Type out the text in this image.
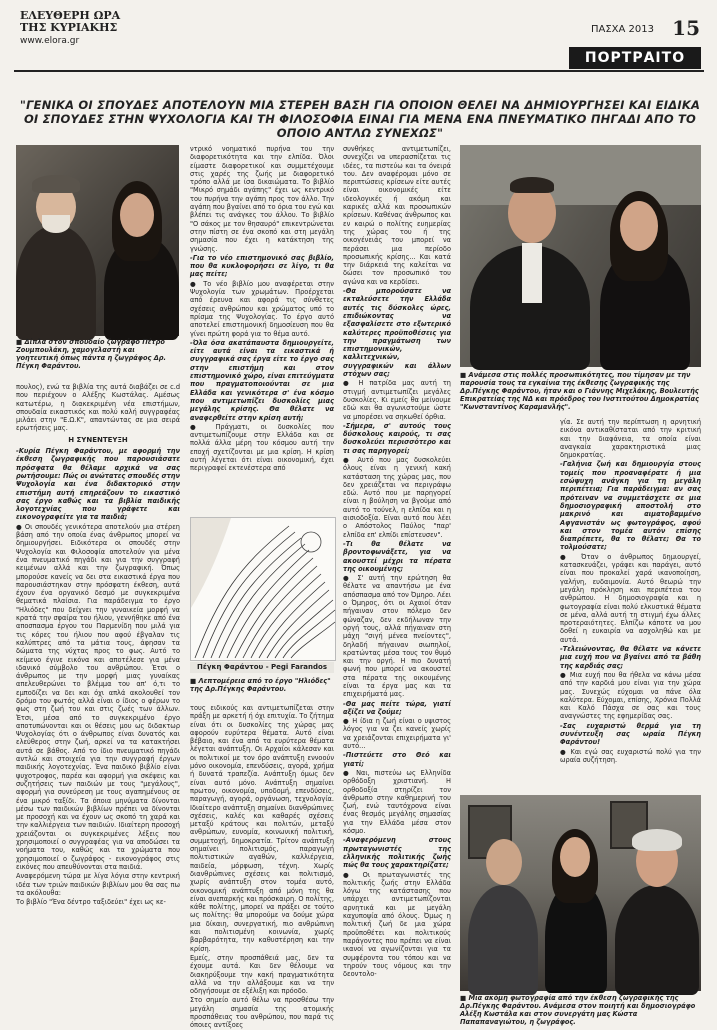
ΕΛΕΥΘΕΡΗ ΩΡΑ
ΤΗΣ ΚΥΡΙΑΚΗΣ
www.elora.gr
ΠΑΣΧΑ 2013 15
ΠΟΡΤΡΑΙΤΟ
"ΓΕΝΙΚΑ ΟΙ ΣΠΟΥΔΕΣ ΑΠΟΤΕΛΟΥΝ ΜΙΑ ΣΤΕΡΕΗ ΒΑΣΗ ΓΙΑ ΟΠΟΙΟΝ ΘΕΛΕΙ ΝΑ ΔΗΜΙΟΥΡΓΗΣΕΙ ΚΑΙ ΕΙΔΙΚΑ ΟΙ ΣΠΟΥΔΕΣ ΣΤΗΝ ΨΥΧΟΛΟΓΙΑ ΚΑΙ ΤΗ ΦΙΛΟΣΟΦΙΑ ΕΙΝΑΙ ΓΙΑ ΜΕΝΑ ΕΝΑ ΠΝΕΥΜΑΤΙΚΟ ΠΗΓΑΔΙ ΑΠΟ ΤΟ ΟΠΟΙΟ ΑΝΤΛΩ ΣΥΝΕΧΩΣ"
■ Δίπλα στον σπουδαίο ζωγράφο Πέτρο Ζουμπουλάκη, χαμογελαστή και γοητευτική όπως πάντα η ζωγράφος Δρ. Πέγκη Φαράντου.
■ Ανάμεσα στις πολλές προσωπικότητες, που τίμησαν με την παρουσία τους τα εγκαίνια της έκθεσης ζωγραφικής της Δρ.Πέγκης Φαράντου, ήταν και ο Γιάννης Μιχελάκης, Βουλευτής Επικρατείας της ΝΔ και πρόεδρος του Ινστιτούτου Δημοκρατίας "Κωνσταντίνος Καραμανλής".

πουλος), ενώ τα βιβλία της αυτά διαβάζει σε c.d που περιέχουν ο Αλέξης Κωστάλας. Αμέσως κατωτέρω, η διακεκριμένη νέα επιστήμων, σπουδαία εικαστικός και πολύ καλή συγγραφέας μιλάει στην "Ε.Ω.Κ", απαντώντας σε μια σειρά ερωτήσεις μας.

Η ΣΥΝΕΝΤΕΥΞΗ

-Κυρία Πέγκη Φαράντου, με αφορμή την έκθεση ζωγραφικής που παρουσιάσατε πρόσφατα θα θέλαμε αρχικά να σας ρωτήσουμε: Πώς οι ανώτατες σπουδές στην Ψυχολογία και ένα διδακτορικό στην επιστήμη αυτή επηρεάζουν το εικαστικό σας έργο καθώς και τα βιβλία παιδικής λογοτεχνίας που γράφετε και εικονογραφείτε για τα παιδιά;

● Οι σπουδές γενικότερα αποτελούν μια στέρεη βάση από την οποία ένας άνθρωπος μπορεί να δημιουργήσει. Ειδικότερα οι σπουδές στην Ψυχολογία και Φιλοσοφία αποτελούν για μένα ένα πνευματικό πηγάδι και για την συγγραφή κειμένων αλλά και την ζωγραφική. Όπως μπορούσε κανείς να δει στα εικαστικά έργα που παρουσιάστηκαν στην πρόσφατη έκθεση, αυτά έχουν ένα οργανικό δεσμό με συγκεκριμένα θεματικά πλαίσια. Για παράδειγμα το έργο "Ηλιόδες" που δείχνει την γυναικεία μορφή να κρατά την σφαίρα του ήλιου, γεννήθηκε από ένα αποσπασμα έργου του Παρμενίδη που μιλά για τις κόρες του ήλιου που αφού έβγαλαν τις καλύπτρες από τα μάτια τους, άφησαν τα δώματα της νύχτας προς το φως. Αυτό το κείμενο έγινε εικόνα και αποτέλεσε για μένα ιδανικό σύμβολο του ανθρώπου. Έτσι ο άνθρωπος με την μορφή μιας γυναίκας απελευθερώνει το βλέμμα του απ' ό,τι το εμποδίζει να δει και όχι απλά ακολουθεί τον δρόμο του φωτός αλλά είναι ο ίδιος ο φέρων το φως στη ζωή του και στις ζωές των άλλων. Έτσι, μέσα από το συγκεκριμένο έργο αποτυπώνονται και οι θέσεις μου ως διδακτωρ Ψυχολογίας ότι ο άνθρωπος είναι δυνατός και ελεύθερος στην ζωή, αρκεί να τα κατακτήσει αυτά σε βάθος. Από το ίδιο πνευματικό πηγάδι αντλώ και στοιχεία για την συγγραφή έργων παιδικής λογοτεχνίας. Ένα παιδικό βιβλίο είναι ψυχοτροφος, παρέα και αφορμή για σκέψεις και συζητήσεις των παιδιών με τους "μεγάλους", αφορμή για συνεύρεση με τους αγαπημένους σε ένα μικρό ταξίδι. Τα όποια μηνύματα δίνονται μέσω των παιδικών βιβλίων πρέπει να δίνονται με προσοχή και να έχουν ως σκοπό τη χαρά και την καλλιέργεια των παιδιών. Ιδιαίτερη προσοχή χρειάζονται οι συγκεκριμένες λέξεις που χρησιμοποιεί ο συγγραφέας για να αποδώσει τα νοήματα του, καθώς και τα χρώματα που χρησιμοποιεί ο ζωγράφος - εικονογράφος στις εικόνες που απευθύνονται στα παιδιά.

Αναφερόμενη τώρα με λίγα λόγια στην κεντρική ιδέα των τριών παιδικών βιβλίων μου θα σας πω τα ακόλουθα:

Το βιβλίο "Ένα δέντρο ταξιδεύει" έχει ως κε-

ντρικό νοηματικό πυρήνα του την διαφορετικότητα και την ελπίδα. Όλοι είμαστε διαφορετικοί και συμμετέχουμε στις χαρές της ζωής με διαφορετικό τρόπο αλλά με ίσα δικαιώματα. Το βιβλίο "Μικρό σημάδι αγάπης" έχει ως κεντρικό του πυρήνα την αγάπη προς τον άλλο. Την αγάπη που βγαίνει από το όρια του εγώ και βλέπει τις ανάγκες του άλλου. Το βιβλίο "Ο σάκος με τον θησαυρό" επικεντρώνεται στην πίστη σε ένα σκοπό και στη μεγάλη σημασία που έχει η κατάκτηση της γνώσης.

-Για το νέο επιστημονικό σας βιβλίο, που θα κυκλοφορήσει σε λίγο, τι θα μας πείτε;

● Το νέο βιβλίο μου αναφέρεται στην Ψυχολογία των χρωμάτων. Προέρχεται από έρευνα και αφορά τις σύνθετες σχέσεις ανθρώπου και χρώματος υπό το πρίσμα της Ψυχολογίας. Το έργο αυτό αποτελεί επιστημονική δημοσίευση που θα γίνει πρώτη φορά για το θέμα αυτό.

-Όλα όσα ακατάπαυστα δημιουργείτε, είτε αυτά είναι τα εικαστικά ή συγγραφικά σας έργα είτε το έργο σας στην επιστήμη και στον επιστημονικό χώρο, είναι επιτεύγματα που πραγματοποιούνται σε μια Ελλάδα και γενικότερα σ' ένα κόσμο που αντιμετωπίζει δυσκολίες μιας μεγάλης κρίσης. Θα θέλατε να αναφερθείτε στην κρίση αυτή;

● Πράγματι, οι δυσκολίες που αντιμετωπίζουμε στην Ελλάδα και σε πολλά άλλα μέρη του κόσμου αυτή την εποχή σχετίζονται με μια κρίση. Η κρίση αυτή λέγεται ότι είναι οικονομική, έχει περιγραφεί εκτενέστερα από

Πέγκη Φαράντου - Pegi Farandos
■ Λεπτομέρεια από το έργο "Ηλιόδες" της Δρ.Πέγκης Φαράντου.

τους ειδικούς και αντιμετωπίζεται στην πράξη με αρκετή ή όχι επιτυχία. Το ζήτημα είναι ότι οι δυσκολίες της χώρας μας αφορούν ευρύτερα θέματα. Αυτό είναι βέβαιο, και ένα από τα ευρύτερα θέματα λέγεται ανάπτυξη. Οι Αρχαίοι κάλεσαν και οι πολιτικοί με τον όρο ανάπτυξη εννοούν μόνο οικονομία, επενδύσεις, αγορά, χρήμα ή δυνατά τραπεζία. Ανάπτυξη όμως δεν είναι αυτό μόνο. Ανάπτυξη σημαίνει πρωτον, οικονομία, υποδομή, επενδύσεις, παραγωγή, αγορά, οργάνωση, τεχνολογία. Ιδιαίτερο ανάπτυξη σημαίνει διανθρώπινες σχέσεις, καλές και καθαρές σχέσεις μεταξύ κράτους και πολιτών, μεταξύ ανθρώπων, ευνομία, κοινωνική πολιτική, συμμετοχή, δημοκρατία. Τρίτον ανάπτυξη σημαίνει πολιτισμός, παραγωγή πολιτιστικών αγαθών, καλλιέργεια, παιδεία, μόρφωση, τέχνη. Χωρίς διανθρώπινες σχέσεις και πολιτισμό, χωρίς ανάπτυξη στον τομέα αυτό, οικονομική ανάπτυξη από μόνη της θα είναι ανεπαρκής και πρόσκαιρη. Ο πολίτης, κάθε πολίτης, μπορεί να πράξει σε τούτο ως πολίτης: θα μπορούμε να δούμε χώρα μια δίκαιη, συνεργατική, πιο ανθρώπινη και πολιτισμένη κοινωνία, χωρίς βαρβαρότητα, την καθυστέρηση και την κρίση.

Εμείς, στην προσπάθειά μας, δεν τα έχουμε αυτά. Και δεν θέλουμε να διακηρύξουμε την κακή πραγματικότητα αλλά να την αλλάξουμε και να την οδηγήσουμε σε εξέλιξη και πρόοδο.

Στο σημείο αυτό θέλω να προσθέσω την μεγάλη σημασία της ατομικής προσπάθειας του ανθρώπου, που παρά τις όποιες αντίξοες

συνθήκες αντιμετωπίζει, συνεχίζει να υπερασπίζεται τις ιδέες, τα πιστεύω και τα όνειρά του. Δεν αναφέρομαι μόνο σε περιπτώσεις κρίσεων είτε αυτές είναι οικονομικές είτε ιδεολογικές ή ακόμη και καρικές αλλά και προσωπικών κρίσεων. Καθένας άνθρωπος και εν καιρώ ο πολίτης ευημερίας της χώρας του ή της οικογένειάς του μπορεί να περάσει μια περίοδο προσωπικής κρίσης... Και κατά την διάρκειά της καλείται να δώσει τον προσωπικό του αγώνα και να κερδίσει.

-Θα μπορούσατε να εκταλεύσετε την Ελλάδα αυτές τις δύσκολες ώρες, επιδιώκοντας να εξασφαλίσετε στο εξωτερικό καλύτερες προϋποθέσεις για την πραγμάτωση των επιστημονικών, καλλιτεχνικών, συγγραφικών και άλλων στόχων σας;

● Η πατρίδα μας αυτή τη στιγμή αντιμετωπίζει μεγάλες δυσκολίες. Κι εμείς θα μείνουμε εδώ και θα αγωνιστούμε ώστε να μπορέσει να σηκωθεί όρθια.

-Σήμερα, σ' αυτούς τους δύσκολους καιρούς, τι σας δυσκολεύει περισσότερο και τι σας παρηγορεί;

● Αυτό που μας δυσκολεύει όλους είναι η γενική κακή κατάσταση της χώρας μας, που δεν χρειάζεται να περιγράψω εδώ. Αυτό που με παρηγορεί είναι η βούληση να βγούμε από αυτό το τούνελ, η ελπίδα και η αισιοδοξία. Είναι αυτό που λέει ο Απόστολος Παύλος "παρ' ελπίδα επ' ελπίδι επίστευσεν".

-Τι θα θέλατε να βροντοφωνάξετε, για να ακουστεί μέχρι τα πέρατα της οικουμένης;

● Σ' αυτή την ερώτηση θα θέλατε να απαντήσω με ένα απόσπασμα από τον Όμηρο. Λέει ο Όμηρος, ότι οι Αχαιοί όταν πήγαιναν στον πόλεμο δεν φώναζαν, δεν εκδήλωναν την οργή τους, αλλά πήγαιναν στη μάχη "σιγή μένεα πνείοντες", δηλαδή πήγαιναν σιωπηλοί, κρατώντας μέσα τους τον θυμό και την οργή. Η πιο δυνατή φωνή που μπορεί να ακουστεί στα πέρατα της οικουμένης είναι τα έργα μας και τα επιχειρήματά μας.

-Θα μας πείτε τώρα, γιατί αξίζει να ζούμε;

● Η ίδια η ζωή είναι ο υψιστος λόγος για να ζει κανείς χωρίς να χρειάζονται επιχειρήματα γι' αυτό...

-Πιστεύετε στο Θεό και γιατί;

● Ναι, πιστεύω ως Ελληνίδα ορθόδοξη χριστιανή. Η ορθοδοξία στηρίζει τον άνθρωπο στην καθημερινή του ζωή, ενώ ταυτόχρονα είναι ένας θεσμός μεγάλης σημασίας για την Ελλάδα μέσα στον κόσμο.

-Αναφερόμενη στους πρωταγωνιστές της ελληνικής πολιτικής ζωής πώς θα τους χαρακτηρίζατε;

● Οι πρωταγωνιστές της πολιτικής ζωής στην Ελλάδα λόγω της κατάστασης που υπάρχει αντιμετωπίζονται αρνητικά και με μεγάλη καχυποψία από όλους. Όμως η πολιτική ζωή δε μια χώρα προϋποθέτει και πολιτικούς παράγοντες που πρέπει να είναι ικανοί να αγωνίζονται για τα συμφέροντα του τόπου και να τηρούν τους νόμους και την δεοντολο-

γία. Σε αυτή την περίπτωση η αρνητική εικόνα αντικαθίσταται από την κριτική και την διαφάνεια, τα οποία είναι αναγκαία χαρακτηριστικά μιας δημοκρατίας.

-Γαλήνια ζωή και δημιουργία στους τομείς που προαναφέρατε ή μια εσώψυχη ανάγκη για τη μεγάλη περιπέτεια; Για παράδειγμα: αν σας πρότειναν να συμμετάσχετε σε μια δημοσιογραφική αποστολή στο μακρινό και αιματοβαμμένο Αφγανιστάν ως φωτογράφος, αφού και στον τομέα αυτόν επίσης διαπρέπετε, θα το θέλατε; Θα το τολμούσατε;

● Όταν ο άνθρωπος δημιουργεί, κατασκευάζει, γράφει και παράγει, αυτό είναι που προκαλεί χαρά ικανοποίηση, γαλήνη, ευδαιμονία. Αυτό θεωρώ την μεγάλη πρόκληση και περιπέτεια του ανθρώπου. Η δημοσιογραφία και η φωτογραφία είναι πολύ ελκυστικά θέματα σε μένα, αλλά αυτή τη στιγμή έχω άλλες προτεραιότητες. Ελπίζω κάποτε να μου δοθεί η ευκαιρία να ασχοληθώ και με αυτά.

-Τελειώνοντας, θα θέλατε να κάνετε μια ευχή που να βγαίνει από τα βάθη της καρδιάς σας;

● Μια ευχή που θα ήθελα να κάνω μέσα από την καρδιά μου είναι για την χώρα μας. Συνεχώς εύχομαι να πάνε όλα καλύτερα. Εύχομαι, επίσης, Χρόνια Πολλά και Καλό Πάσχα σε σας και τους αναγνώστες της εφημερίδας σας.

-Σας ευχαριστώ θερμά για τη συνέντευξη σας ωραία Πέγκη Φαράντου!

● Και εγώ σας ευχαριστώ πολύ για την ωραία συζήτηση.

■ Μια ακόμη φωτογραφία από την έκθεση ζωγραφικής της Δρ.Πέγκης Φαράντου. Ανάμεσα στον ποιητή και δημοσιογράφο Αλέξη Κωστάλα και στον συνεργάτη μας Κώστα Παπαπαναγιώτου, η ζωγράφος.
